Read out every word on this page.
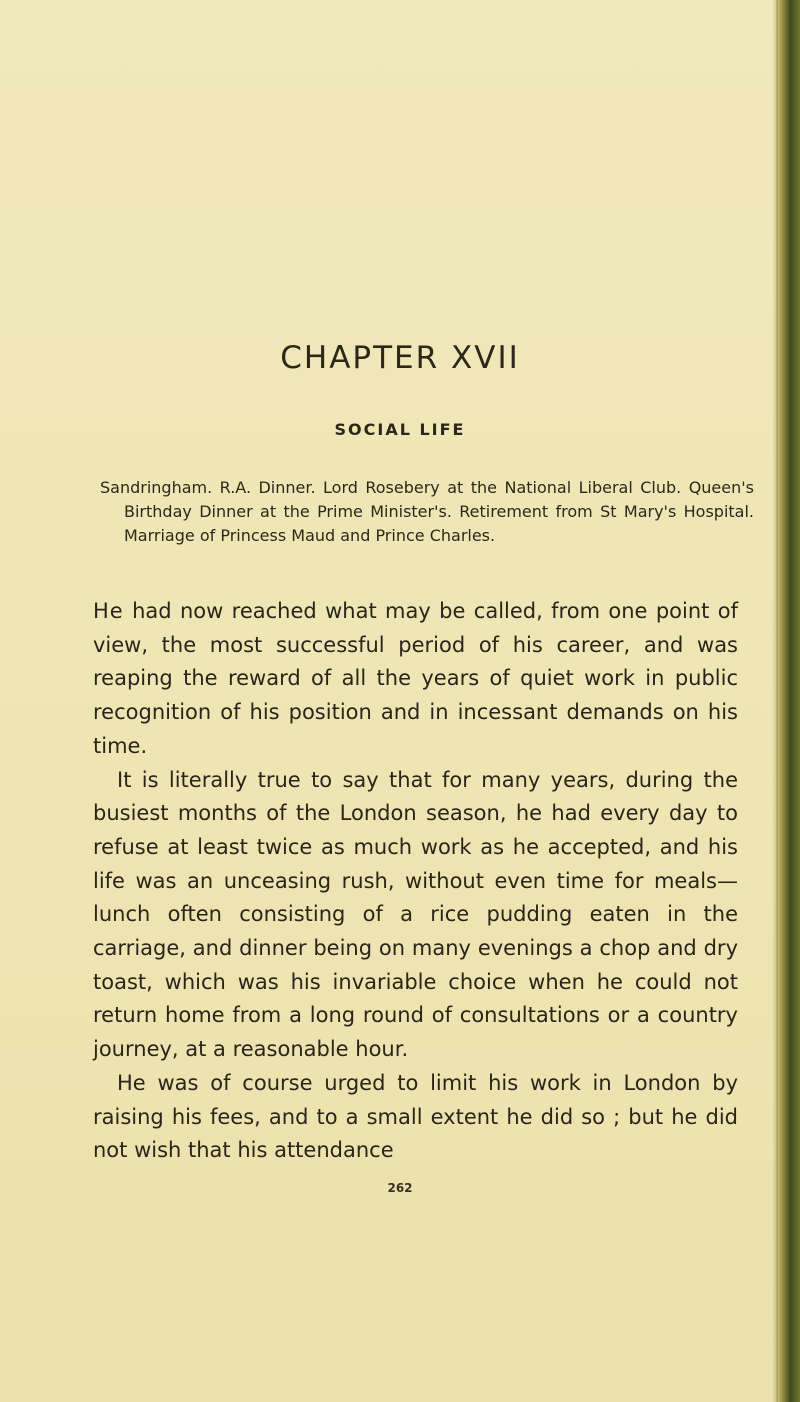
CHAPTER XVII
SOCIAL LIFE

Sandringham. R.A. Dinner. Lord Rosebery at the National Liberal Club. Queen's Birthday Dinner at the Prime Minister's. Retirement from St Mary's Hospital. Marriage of Princess Maud and Prince Charles.

He had now reached what may be called, from one point of view, the most successful period of his career, and was reaping the reward of all the years of quiet work in public recognition of his position and in incessant demands on his time.

It is literally true to say that for many years, during the busiest months of the London season, he had every day to refuse at least twice as much work as he accepted, and his life was an unceasing rush, without even time for meals—lunch often consisting of a rice pudding eaten in the carriage, and dinner being on many evenings a chop and dry toast, which was his invariable choice when he could not return home from a long round of consultations or a country journey, at a reasonable hour.

He was of course urged to limit his work in London by raising his fees, and to a small extent he did so ; but he did not wish that his attendance

262
